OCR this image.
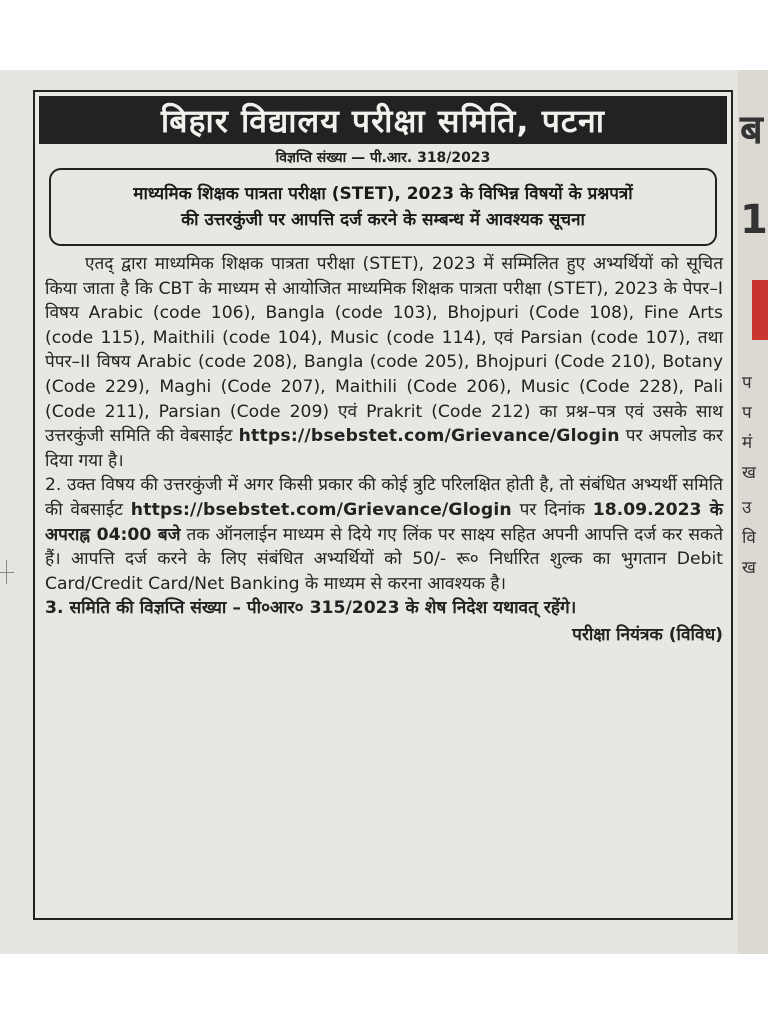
ब
1
प
प
मं
ख
उ
वि
ख
बिहार विद्यालय परीक्षा समिति, पटना
विज्ञप्ति संख्या — पी.आर. 318/2023
माध्यमिक शिक्षक पात्रता परीक्षा (STET), 2023 के विभिन्न विषयों के प्रश्नपत्रों
की उत्तरकुंजी पर आपत्ति दर्ज करने के सम्बन्ध में आवश्यक सूचना

एतद् द्वारा माध्यमिक शिक्षक पात्रता परीक्षा (STET), 2023 में सम्मिलित हुए अभ्यर्थियों को सूचित किया जाता है कि CBT के माध्यम से आयोजित माध्यमिक शिक्षक पात्रता परीक्षा (STET), 2023 के पेपर–I विषय Arabic (code 106), Bangla (code 103), Bhojpuri (Code 108), Fine Arts (code 115), Maithili (code 104), Music (code 114), एवं Parsian (code 107), तथा पेपर–II विषय Arabic (code 208), Bangla (code 205), Bhojpuri (Code 210), Botany (Code 229), Maghi (Code 207), Maithili (Code 206), Music (Code 228), Pali (Code 211), Parsian (Code 209) एवं Prakrit (Code 212) का प्रश्न–पत्र एवं उसके साथ उत्तरकुंजी समिति की वेबसाईट https://bsebstet.com/Grievance/Glogin पर अपलोड कर दिया गया है।

2. उक्त विषय की उत्तरकुंजी में अगर किसी प्रकार की कोई त्रुटि परिलक्षित होती है, तो संबंधित अभ्यर्थी समिति की वेबसाईट https://bsebstet.com/Grievance/Glogin पर दिनांक 18.09.2023 के अपराह्न 04:00 बजे तक ऑनलाईन माध्यम से दिये गए लिंक पर साक्ष्य सहित अपनी आपत्ति दर्ज कर सकते हैं। आपत्ति दर्ज करने के लिए संबंधित अभ्यर्थियों को 50/- रू० निर्धारित शुल्क का भुगतान Debit Card/Credit Card/Net Banking के माध्यम से करना आवश्यक है।

3. समिति की विज्ञप्ति संख्या – पी०आर० 315/2023 के शेष निदेश यथावत् रहेंगे।

परीक्षा नियंत्रक (विविध)
